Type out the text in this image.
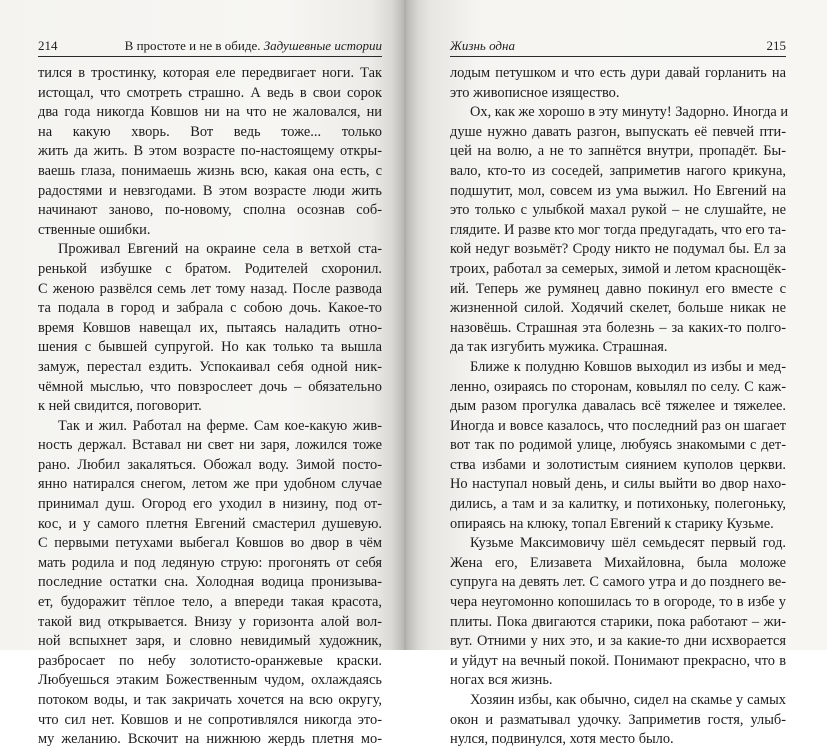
214	В простоте и не в обиде. Задушевные истории
тился в тростинку, которая еле передвигает ноги. Так
истощал, что смотреть страшно. А ведь в свои сорок
два года никогда Ковшов ни на что не жаловался, ни
на какую хворь. Вот ведь тоже... только
жить да жить. В этом возрасте по-настоящему откры-
ваешь глаза, понимаешь жизнь всю, какая она есть, с
радостями и невзгодами. В этом возрасте люди жить
начинают заново, по-новому, сполна осознав соб-
ственные ошибки.
Проживал Евгений на окраине села в ветхой ста-
ренькой избушке с братом. Родителей схоронил.
С женою развёлся семь лет тому назад. После развода
та подала в город и забрала с собою дочь. Какое-то
время Ковшов навещал их, пытаясь наладить отно-
шения с бывшей супругой. Но как только та вышла
замуж, перестал ездить. Успокаивал себя одной ник-
чёмной мыслью, что повзрослеет дочь – обязательно
к ней свидится, поговорит.
Так и жил. Работал на ферме. Сам кое-какую жив-
ность держал. Вставал ни свет ни заря, ложился тоже
рано. Любил закаляться. Обожал воду. Зимой посто-
янно натирался снегом, летом же при удобном случае
принимал душ. Огород его уходил в низину, под от-
кос, и у самого плетня Евгений смастерил душевую.
С первыми петухами выбегал Ковшов во двор в чём
мать родила и под ледяную струю: прогонять от себя
последние остатки сна. Холодная водица пронизыва-
ет, будоражит тёплое тело, а впереди такая красота,
такой вид открывается. Внизу у горизонта алой вол-
ной вспыхнет заря, и словно невидимый художник,
разбросает по небу золотисто-оранжевые краски.
Любуешься этаким Божественным чудом, охлаждаясь
потоком воды, и так закричать хочется на всю округу,
что сил нет. Ковшов и не сопротивлялся никогда это-
му желанию. Вскочит на нижнюю жердь плетня мо-
Жизнь одна	215
лодым петушком и что есть дури давай горланить на
это живописное изящество.
Ох, как же хорошо в эту минуту! Задорно. Иногда и
душе нужно давать разгон, выпускать её певчей пти-
цей на волю, а не то запнётся внутри, пропадёт. Бы-
вало, кто-то из соседей, заприметив нагого крикуна,
подшутит, мол, совсем из ума выжил. Но Евгений на
это только с улыбкой махал рукой – не слушайте, не
глядите. И разве кто мог тогда предугадать, что его та-
кой недуг возьмёт? Сроду никто не подумал бы. Ел за
троих, работал за семерых, зимой и летом краснощёк-
ий. Теперь же румянец давно покинул его вместе с
жизненной силой. Ходячий скелет, больше никак не
назовёшь. Страшная эта болезнь – за каких-то полго-
да так изгубить мужика. Страшная.
Ближе к полудню Ковшов выходил из избы и мед-
ленно, озираясь по сторонам, ковылял по селу. С каж-
дым разом прогулка давалась всё тяжелее и тяжелее.
Иногда и вовсе казалось, что последний раз он шагает
вот так по родимой улице, любуясь знакомыми с дет-
ства избами и золотистым сиянием куполов церкви.
Но наступал новый день, и силы выйти во двор нахо-
дились, а там и за калитку, и потихоньку, полегоньку,
опираясь на клюку, топал Евгений к старику Кузьме.
Кузьме Максимовичу шёл семьдесят первый год.
Жена его, Елизавета Михайловна, была моложе
супруга на девять лет. С самого утра и до позднего ве-
чера неугомонно копошилась то в огороде, то в избе у
плиты. Пока двигаются старики, пока работают – жи-
вут. Отними у них это, и за какие-то дни исхворается
и уйдут на вечный покой. Понимают прекрасно, что в
ногах вся жизнь.
Хозяин избы, как обычно, сидел на скамье у самых
окон и разматывал удочку. Заприметив гостя, улыб-
нулся, подвинулся, хотя место было.
